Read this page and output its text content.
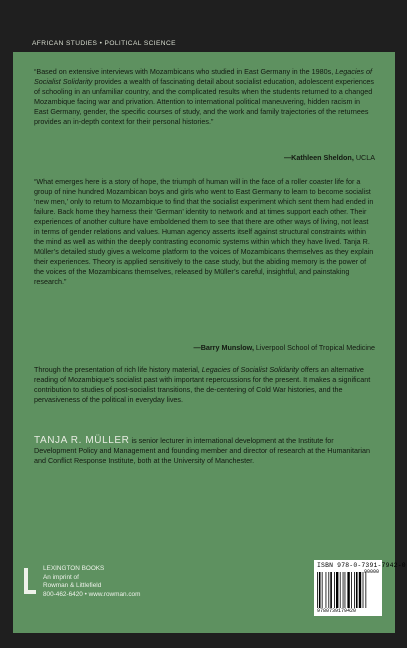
AFRICAN STUDIES • POLITICAL SCIENCE

“Based on extensive interviews with Mozambicans who studied in East Germany in the 1980s, Legacies of Socialist Solidarity provides a wealth of fascinating detail about socialist education, adolescent experiences of schooling in an unfamiliar country, and the complicated results when the students returned to a changed Mozambique facing war and privation. Attention to international political maneuvering, hidden racism in East Germany, gender, the specific courses of study, and the work and family trajectories of the returnees provides an in-depth context for their personal histories.”

—Kathleen Sheldon, UCLA

“What emerges here is a story of hope, the triumph of human will in the face of a roller coaster life for a group of nine hundred Mozambican boys and girls who went to East Germany to learn to become socialist ‘new men,’ only to return to Mozambique to find that the socialist experiment which sent them had ended in failure. Back home they harness their ‘German’ identity to network and at times support each other. Their experiences of another culture have emboldened them to see that there are other ways of living, not least in terms of gender relations and values. Human agency asserts itself against structural constraints within the mind as well as within the deeply contrasting economic systems within which they have lived. Tanja R. Müller’s detailed study gives a welcome platform to the voices of Mozambicans themselves as they explain their experiences. Theory is applied sensitively to the case study, but the abiding memory is the power of the voices of the Mozambicans themselves, released by Müller’s careful, insightful, and painstaking research.”

—Barry Munslow, Liverpool School of Tropical Medicine

Through the presentation of rich life history material, Legacies of Socialist Solidarity offers an alternative reading of Mozambique’s socialist past with important repercussions for the present. It makes a significant contribution to studies of post-socialist transitions, the de-centering of Cold War histories, and the pervasiveness of the political in everyday lives.

TANJA R. MÜLLER is senior lecturer in international development at the Institute for Development Policy and Management and founding member and director of research at the Humanitarian and Conflict Response Institute, both at the University of Manchester.

LEXINGTON BOOKS
An imprint of
Rowman & Littlefield
800-462-6420 • www.rowman.com
ISBN 978-0-7391-7942-0
90000
9780739179420
